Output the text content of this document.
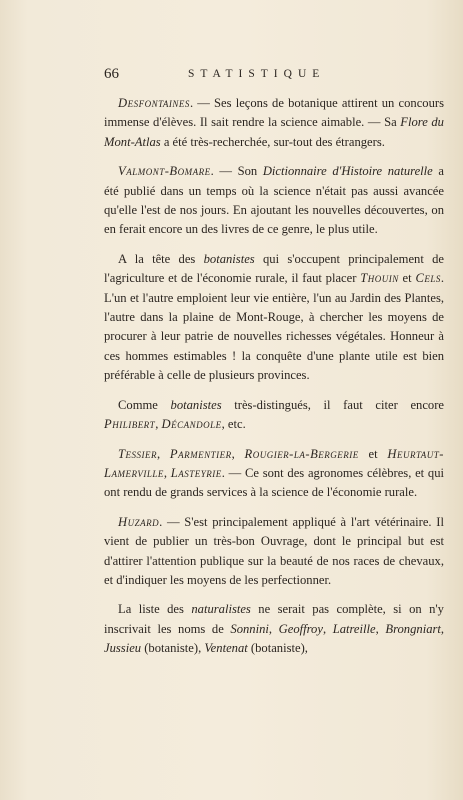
66	STATISTIQUE

Desfontaines. — Ses leçons de botanique attirent un concours immense d'élèves. Il sait rendre la science aimable. — Sa Flore du Mont-Atlas a été très-recherchée, sur-tout des étrangers.

Valmont-Bomare. — Son Dictionnaire d'Histoire naturelle a été publié dans un temps où la science n'était pas aussi avancée qu'elle l'est de nos jours. En ajoutant les nouvelles découvertes, on en ferait encore un des livres de ce genre, le plus utile.

A la tête des botanistes qui s'occupent principalement de l'agriculture et de l'économie rurale, il faut placer Thouin et Cels. L'un et l'autre emploient leur vie entière, l'un au Jardin des Plantes, l'autre dans la plaine de Mont-Rouge, à chercher les moyens de procurer à leur patrie de nouvelles richesses végétales. Honneur à ces hommes estimables ! la conquête d'une plante utile est bien préférable à celle de plusieurs provinces.

Comme botanistes très-distingués, il faut citer encore Philibert, Décandole, etc.

Tessier, Parmentier, Rougier-la-Bergerie et Heurtaut-Lamerville, Lasteyrie. — Ce sont des agronomes célèbres, et qui ont rendu de grands services à la science de l'économie rurale.

Huzard. — S'est principalement appliqué à l'art vétérinaire. Il vient de publier un très-bon Ouvrage, dont le principal but est d'attirer l'attention publique sur la beauté de nos races de chevaux, et d'indiquer les moyens de les perfectionner.

La liste des naturalistes ne serait pas complète, si on n'y inscrivait les noms de Sonnini, Geoffroy, Latreille, Brongniart, Jussieu (botaniste), Ventenat (botaniste),
